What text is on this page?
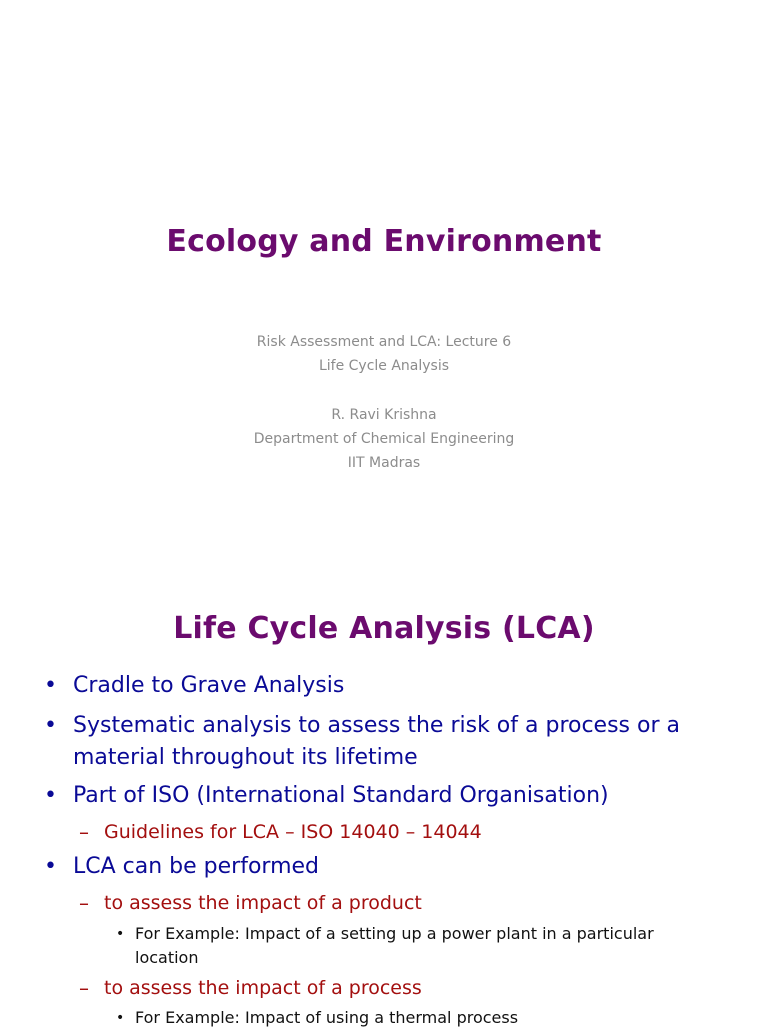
Ecology and Environment
Risk Assessment and LCA: Lecture 6
Life Cycle Analysis
R. Ravi Krishna
Department of Chemical Engineering
IIT Madras
Life Cycle Analysis (LCA)
• Cradle to Grave Analysis
• Systematic analysis to assess the risk of a process or a material throughout its lifetime
• Part of ISO (International Standard Organisation)
– Guidelines for LCA – ISO 14040 – 14044
• LCA can be performed
– to assess the impact of a product
• For Example: Impact of a setting up a power plant in a particular location
– to assess the impact of a process
• For Example: Impact of using a thermal process
